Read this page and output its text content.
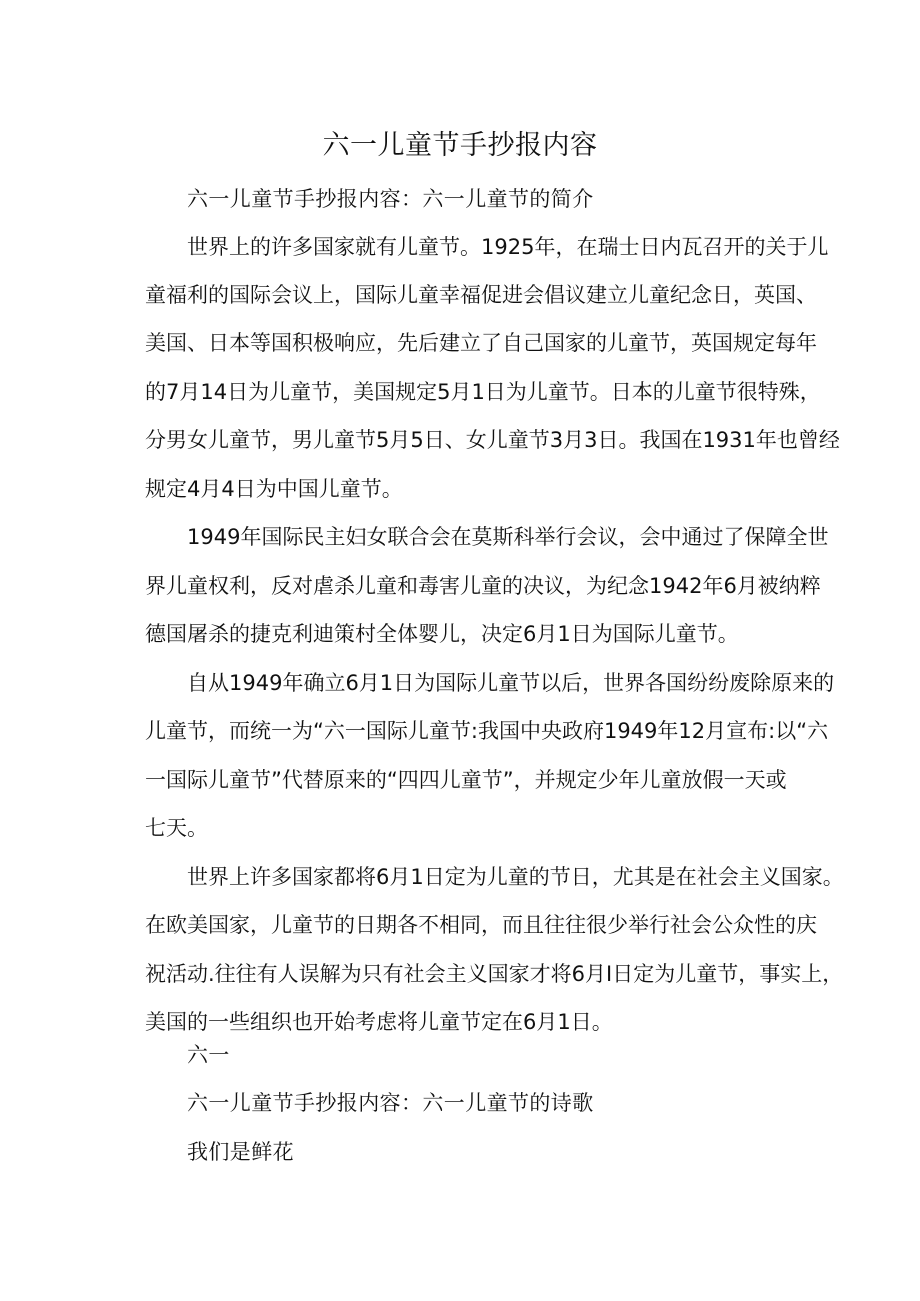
六一儿童节手抄报内容
六一儿童节手抄报内容：六一儿童节的简介
世界上的许多国家就有儿童节。1925年，在瑞士日内瓦召开的关于儿
童福利的国际会议上，国际儿童幸福促进会倡议建立儿童纪念日，英国、
美国、日本等国积极响应，先后建立了自己国家的儿童节，英国规定每年
的7月14日为儿童节，美国规定5月1日为儿童节。日本的儿童节很特殊，
分男女儿童节，男儿童节5月5日、女儿童节3月3日。我国在1931年也曾经
规定4月4日为中国儿童节。
1949年国际民主妇女联合会在莫斯科举行会议，会中通过了保障全世
界儿童权利，反对虐杀儿童和毒害儿童的决议，为纪念1942年6月被纳粹
德国屠杀的捷克利迪策村全体婴儿，决定6月1日为国际儿童节。
自从1949年确立6月1日为国际儿童节以后，世界各国纷纷废除原来的
儿童节，而统一为“六一国际儿童节:我国中央政府1949年12月宣布:以“六
一国际儿童节”代替原来的“四四儿童节”，并规定少年儿童放假一天或
七天。
世界上许多国家都将6月1日定为儿童的节日，尤其是在社会主义国家。
在欧美国家，儿童节的日期各不相同，而且往往很少举行社会公众性的庆
祝活动.往往有人误解为只有社会主义国家才将6月I日定为儿童节，事实上，
美国的一些组织也开始考虑将儿童节定在6月1日。
六一
六一儿童节手抄报内容：六一儿童节的诗歌
我们是鲜花
